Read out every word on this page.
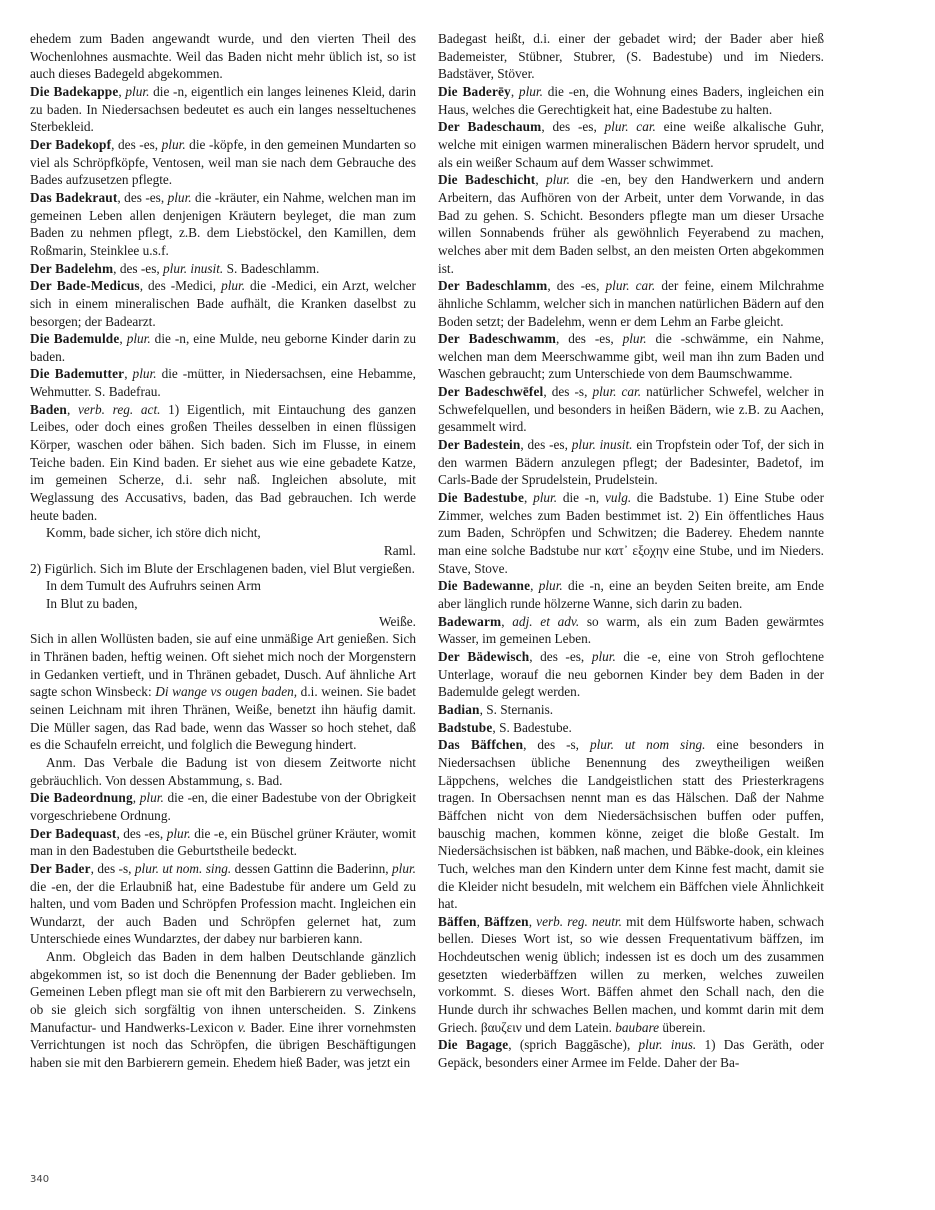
ehedem zum Baden angewandt wurde, und den vierten Theil des Wochenlohnes ausmachte. Weil das Baden nicht mehr üblich ist, so ist auch dieses Badegeld abgekommen.

Die Badekappe, plur. die -n, eigentlich ein langes leinenes Kleid, darin zu baden. In Niedersachsen bedeutet es auch ein langes nesseltuchenes Sterbekleid.

Der Badekopf, des -es, plur. die -köpfe, in den gemeinen Mundarten so viel als Schröpfköpfe, Ventosen, weil man sie nach dem Gebrauche des Bades aufzusetzen pflegte.

Das Badekraut, des -es, plur. die -kräuter, ein Nahme, welchen man im gemeinen Leben allen denjenigen Kräutern beyleget, die man zum Baden zu nehmen pflegt, z.B. dem Liebstöckel, den Kamillen, dem Roßmarin, Steinklee u.s.f.

Der Badelehm, des -es, plur. inusit. S. Badeschlamm.

Der Bade-Medicus, des -Medici, plur. die -Medici, ein Arzt, welcher sich in einem mineralischen Bade aufhält, die Kranken daselbst zu besorgen; der Badearzt.

Die Bademulde, plur. die -n, eine Mulde, neu geborne Kinder darin zu baden.

Die Bademutter, plur. die -mütter, in Niedersachsen, eine Hebamme, Wehmutter. S. Badefrau.

Baden, verb. reg. act. 1) Eigentlich, mit Eintauchung des ganzen Leibes, oder doch eines großen Theiles desselben in einen flüssigen Körper, waschen oder bähen. Sich baden. Sich im Flusse, in einem Teiche baden. Ein Kind baden. Er siehet aus wie eine gebadete Katze, im gemeinen Scherze, d.i. sehr naß. Ingleichen absolute, mit Weglassung des Accusativs, baden, das Bad gebrauchen. Ich werde heute baden.

Komm, bade sicher, ich störe dich nicht,

Raml.

2) Figürlich. Sich im Blute der Erschlagenen baden, viel Blut vergießen.

In dem Tumult des Aufruhrs seinen Arm

In Blut zu baden,

Weiße.

Sich in allen Wollüsten baden, sie auf eine unmäßige Art genießen. Sich in Thränen baden, heftig weinen. Oft siehet mich noch der Morgenstern in Gedanken vertieft, und in Thränen gebadet, Dusch. Auf ähnliche Art sagte schon Winsbeck: Di wange vs ougen baden, d.i. weinen. Sie badet seinen Leichnam mit ihren Thränen, Weiße, benetzt ihn häufig damit. Die Müller sagen, das Rad bade, wenn das Wasser so hoch stehet, daß es die Schaufeln erreicht, und folglich die Bewegung hindert.

Anm. Das Verbale die Badung ist von diesem Zeitworte nicht gebräuchlich. Von dessen Abstammung, s. Bad.

Die Badeordnung, plur. die -en, die einer Badestube von der Obrigkeit vorgeschriebene Ordnung.

Der Badequast, des -es, plur. die -e, ein Büschel grüner Kräuter, womit man in den Badestuben die Geburtstheile bedeckt.

Der Bader, des -s, plur. ut nom. sing. dessen Gattinn die Baderinn, plur. die -en, der die Erlaubniß hat, eine Badestube für andere um Geld zu halten, und vom Baden und Schröpfen Profession macht. Ingleichen ein Wundarzt, der auch Baden und Schröpfen gelernet hat, zum Unterschiede eines Wundarztes, der dabey nur barbieren kann.

Anm. Obgleich das Baden in dem halben Deutschlande gänzlich abgekommen ist, so ist doch die Benennung der Bader geblieben. Im Gemeinen Leben pflegt man sie oft mit den Barbierern zu verwechseln, ob sie gleich sich sorgfältig von ihnen unterscheiden. S. Zinkens Manufactur- und Handwerks-Lexicon v. Bader. Eine ihrer vornehmsten Verrichtungen ist noch das Schröpfen, die übrigen Beschäftigungen haben sie mit den Barbierern gemein. Ehedem hieß Bader, was jetzt ein

Badegast heißt, d.i. einer der gebadet wird; der Bader aber hieß Bademeister, Stübner, Stubrer, (S. Badestube) und im Nieders. Badstäver, Stöver.

Die Baderēy, plur. die -en, die Wohnung eines Baders, ingleichen ein Haus, welches die Gerechtigkeit hat, eine Badestube zu halten.

Der Badeschaum, des -es, plur. car. eine weiße alkalische Guhr, welche mit einigen warmen mineralischen Bädern hervor sprudelt, und als ein weißer Schaum auf dem Wasser schwimmet.

Die Badeschicht, plur. die -en, bey den Handwerkern und andern Arbeitern, das Aufhören von der Arbeit, unter dem Vorwande, in das Bad zu gehen. S. Schicht. Besonders pflegte man um dieser Ursache willen Sonnabends früher als gewöhnlich Feyerabend zu machen, welches aber mit dem Baden selbst, an den meisten Orten abgekommen ist.

Der Badeschlamm, des -es, plur. car. der feine, einem Milchrahme ähnliche Schlamm, welcher sich in manchen natürlichen Bädern auf den Boden setzt; der Badelehm, wenn er dem Lehm an Farbe gleicht.

Der Badeschwamm, des -es, plur. die -schwämme, ein Nahme, welchen man dem Meerschwamme gibt, weil man ihn zum Baden und Waschen gebraucht; zum Unterschiede von dem Baumschwamme.

Der Badeschwēfel, des -s, plur. car. natürlicher Schwefel, welcher in Schwefelquellen, und besonders in heißen Bädern, wie z.B. zu Aachen, gesammelt wird.

Der Badestein, des -es, plur. inusit. ein Tropfstein oder Tof, der sich in den warmen Bädern anzulegen pflegt; der Badesinter, Badetof, im Carls-Bade der Sprudelstein, Prudelstein.

Die Badestube, plur. die -n, vulg. die Badstube. 1) Eine Stube oder Zimmer, welches zum Baden bestimmet ist. 2) Ein öffentliches Haus zum Baden, Schröpfen und Schwitzen; die Baderey. Ehedem nannte man eine solche Badstube nur κατ᾽ εξοχην eine Stube, und im Nieders. Stave, Stove.

Die Badewanne, plur. die -n, eine an beyden Seiten breite, am Ende aber länglich runde hölzerne Wanne, sich darin zu baden.

Badewarm, adj. et adv. so warm, als ein zum Baden gewärmtes Wasser, im gemeinen Leben.

Der Bädewisch, des -es, plur. die -e, eine von Stroh geflochtene Unterlage, worauf die neu gebornen Kinder bey dem Baden in der Bademulde gelegt werden.

Badian, S. Sternanis.

Badstube, S. Badestube.

Das Bäffchen, des -s, plur. ut nom sing. eine besonders in Niedersachsen übliche Benennung des zweytheiligen weißen Läppchens, welches die Landgeistlichen statt des Priesterkragens tragen. In Obersachsen nennt man es das Hälschen. Daß der Nahme Bäffchen nicht von dem Niedersächsischen buffen oder puffen, bauschig machen, kommen könne, zeiget die bloße Gestalt. Im Niedersächsischen ist bäbken, naß machen, und Bäbke-dook, ein kleines Tuch, welches man den Kindern unter dem Kinne fest macht, damit sie die Kleider nicht besudeln, mit welchem ein Bäffchen viele Ähnlichkeit hat.

Bäffen, Bäffzen, verb. reg. neutr. mit dem Hülfsworte haben, schwach bellen. Dieses Wort ist, so wie dessen Frequentativum bäffzen, im Hochdeutschen wenig üblich; indessen ist es doch um des zusammen gesetzten wiederbäffzen willen zu merken, welches zuweilen vorkommt. S. dieses Wort. Bäffen ahmet den Schall nach, den die Hunde durch ihr schwaches Bellen machen, und kommt darin mit dem Griech. βαυζειν und dem Latein. baubare überein.

Die Bagage, (sprich Baggāsche), plur. inus. 1) Das Geräth, oder Gepäck, besonders einer Armee im Felde. Daher der Ba-

340
